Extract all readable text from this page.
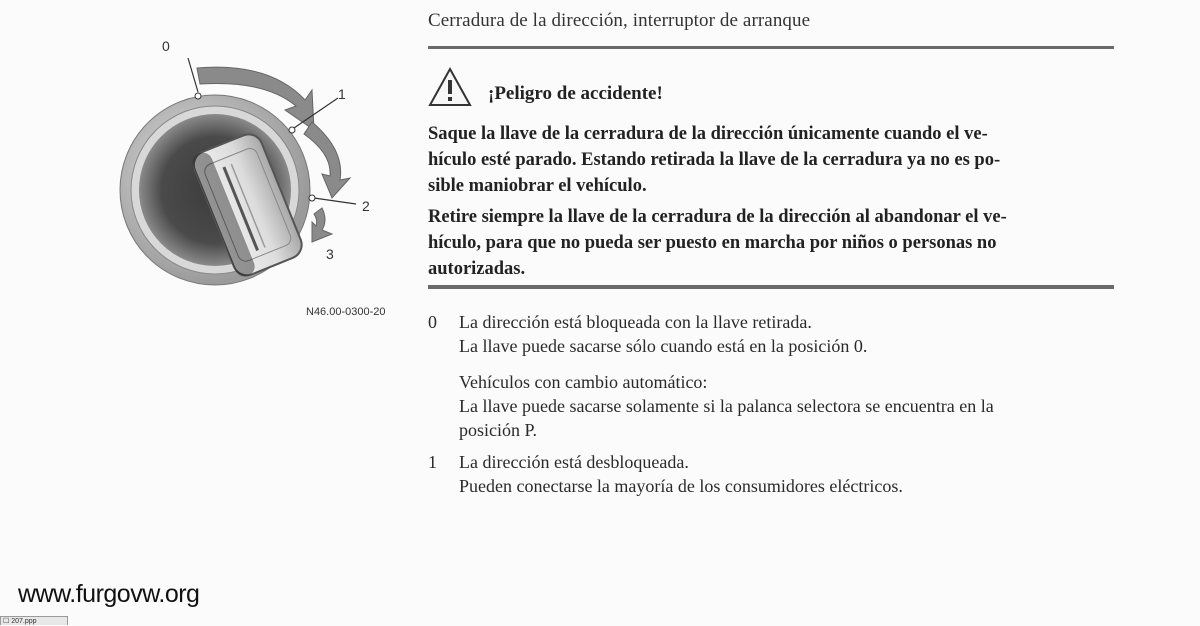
0
1
2
3
N46.00-0300-20
Cerradura de la dirección, interruptor de arranque
¡Peligro de accidente!

Saque la llave de la cerradura de la dirección únicamente cuando el ve-
hículo esté parado. Estando retirada la llave de la cerradura ya no es po-
sible maniobrar el vehículo.

Retire siempre la llave de la cerradura de la dirección al abandonar el ve-
hículo, para que no pueda ser puesto en marcha por niños o personas no
autorizadas.

0	La dirección está bloqueada con la llave retirada.
La llave puede sacarse sólo cuando está en la posición 0.
Vehículos con cambio automático:
La llave puede sacarse solamente si la palanca selectora se encuentra en la
posición P.
1	La dirección está desbloqueada.
Pueden conectarse la mayoría de los consumidores eléctricos.
www.furgovw.org
☐ 207.ppp
